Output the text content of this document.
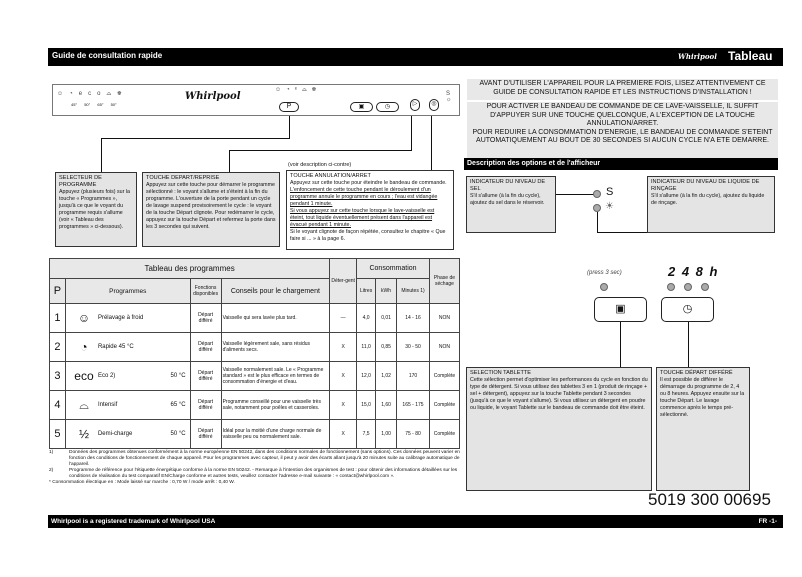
Guide de consultation rapide	Whirlpool Tableau
☺◔eco⌓☸
45° 50° 65° 50°
Whirlpool
☺◔ᵉ⌓☸
P	▣	◷	▷	◎
S
☼
(voir description ci-contre)
SELECTEUR DE PROGRAMME
Appuyez (plusieurs fois) sur la touche « Programmes », jusqu'à ce que le voyant du programme requis s'allume (voir « Tableau des programmes » ci-dessous).
TOUCHE DEPART/REPRISE
Appuyez sur cette touche pour démarrer le programme sélectionné : le voyant s'allume et s'éteint à la fin du programme. L'ouverture de la porte pendant un cycle de lavage suspend provisoirement le cycle : le voyant de la touche Départ clignote. Pour redémarrer le cycle, appuyez sur la touche Départ et refermez la porte dans les 3 secondes qui suivent.
TOUCHE ANNULATION/ARRET
Appuyez sur cette touche pour éteindre le bandeau de commande.
L'enfoncement de cette touche pendant le déroulement d'un programme annule le programme en cours ; l'eau est vidangée pendant 1 minute.
Si vous appuyez sur cette touche lorsque le lave-vaisselle est éteint, tout liquide éventuellement présent dans l'appareil est évacué pendant 1 minute.
Si le voyant clignote de façon répétée, consultez le chapitre « Que faire si ... » à la page 6.
AVANT D'UTILISER L'APPAREIL POUR LA PREMIERE FOIS, LISEZ ATTENTIVEMENT CE GUIDE DE CONSULTATION RAPIDE ET LES INSTRUCTIONS D'INSTALLATION !
POUR ACTIVER LE BANDEAU DE COMMANDE DE CE LAVE-VAISSELLE, IL SUFFIT D'APPUYER SUR UNE TOUCHE QUELCONQUE, A L'EXCEPTION DE LA TOUCHE ANNULATION/ARRET.
POUR REDUIRE LA CONSOMMATION D'ENERGIE, LE BANDEAU DE COMMANDE S'ETEINT AUTOMATIQUEMENT AU BOUT DE 30 SECONDES SI AUCUN CYCLE N'A ETE DEMARRE.
Description des options et de l'afficheur
INDICATEUR DU NIVEAU DE SEL
S'il s'allume (à la fin du cycle), ajoutez du sel dans le réservoir.
S
☀
INDICATEUR DU NIVEAU DE LIQUIDE DE RINÇAGE
S'il s'allume (à la fin du cycle), ajoutez du liquide de rinçage.
(press 3 sec)	2 4 8 h
▣	◷
SELECTION TABLETTE
Cette sélection permet d'optimiser les performances du cycle en fonction du type de détergent. Si vous utilisez des tablettes 3 en 1 (produit de rinçage + sel + détergent), appuyez sur la touche Tablette pendant 3 secondes (jusqu'à ce que le voyant s'allume). Si vous utilisez un détergent en poudre ou liquide, le voyant Tablette sur le bandeau de commande doit être éteint.
TOUCHE DÉPART DIFFÉRÉ
Il est possible de différer le démarrage du programme de 2, 4 ou 8 heures. Appuyez ensuite sur la touche Départ. Le lavage commence après le temps pré-sélectionné.
5019 300 00695
Tableau des programmes				Déter-gent	Consommation			Phase de séchage
P	Programmes	Fonctions disponibles	Conseils pour le chargement		Litres	kWh	Minutes 1)	
1	☺ Prélavage à froid	Départ différé	Vaisselle qui sera lavée plus tard.	—	4,0	0,01	14 - 16	NON
2	◔ Rapide 45 °C	Départ différé	Vaisselle légèrement sale, sans résidus d'aliments secs.	X	11,0	0,85	30 - 50	NON
3	eco Eco 2) 50 °C	Départ différé	Vaisselle normalement sale. Le « Programme standard » est le plus efficace en termes de consommation d'énergie et d'eau.	X	12,0	1,02	170	Complète
4	⌓ Intensif 65 °C	Départ différé	Programme conseillé pour une vaisselle très sale, notamment pour poêles et casseroles.	X	15,0	1,60	165 - 175	Complète
5	½ Demi-charge 50 °C	Départ différé	Idéal pour la moitié d'une charge normale de vaisselle peu ou normalement sale.	X	7,5	1,00	75 - 80	Complète
1)	Données des programmes obtenues conformément à la norme européenne EN 50242, dans des conditions normales de fonctionnement (sans options). Ces données peuvent varier en fonction des conditions de fonctionnement de chaque appareil. Pour les programmes avec capteur, il peut y avoir des écarts allant jusqu'à 20 minutes suite au calibrage automatique de l'appareil.
2)	Programme de référence pour l'étiquette énergétique conforme à la norme EN 50242. - Remarque à l'intention des organismes de test : pour obtenir des informations détaillées sur les conditions de réalisation du test comparatif EN/Charge conforme et autres tests, veuillez contacter l'adresse e-mail suivante : « contact@whirlpool.com ».
* Consommation électrique en : Mode laissé sur marche : 0,70 W / mode arrêt : 0,40 W.
Whirlpool is a registered trademark of Whirlpool USA	FR -1-
